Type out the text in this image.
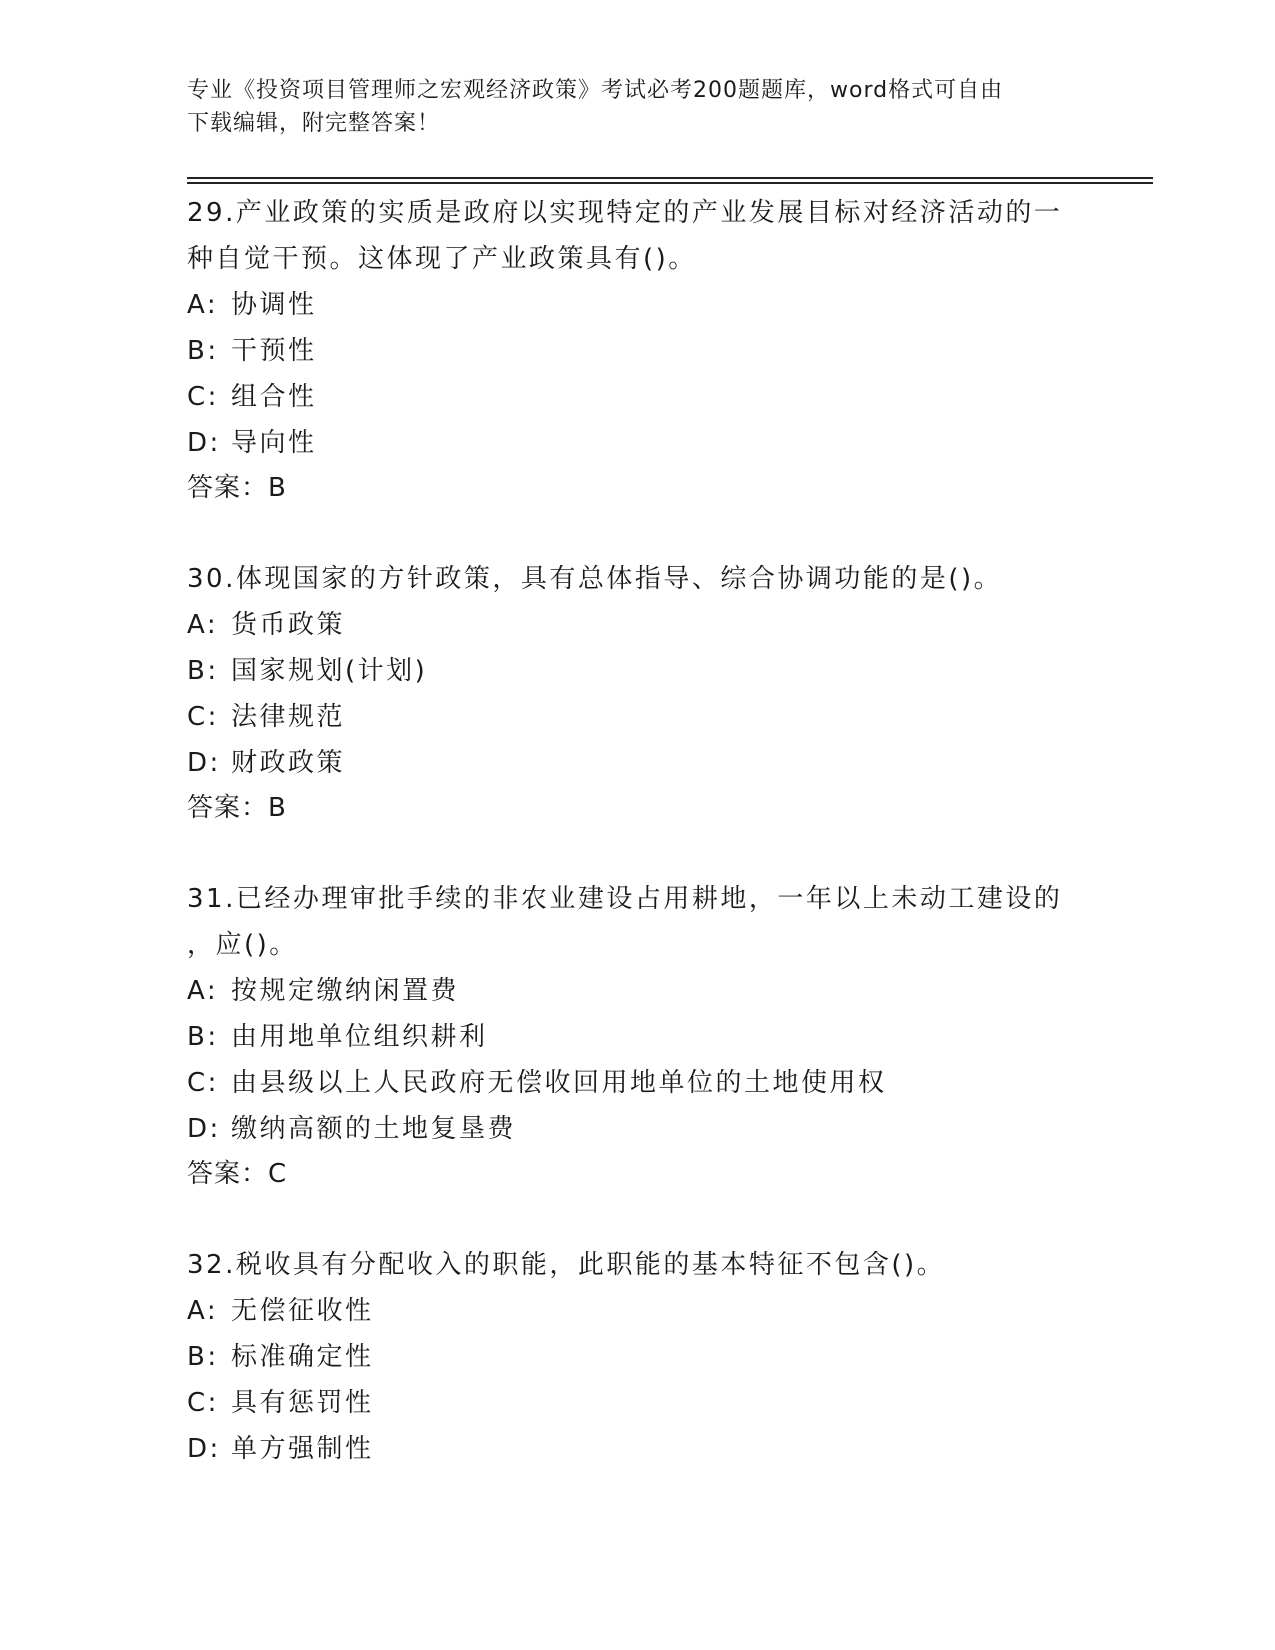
专业《投资项目管理师之宏观经济政策》考试必考200题题库，word格式可自由
下载编辑，附完整答案！

29.产业政策的实质是政府以实现特定的产业发展目标对经济活动的一

种自觉干预。这体现了产业政策具有()。

A: 协调性

B: 干预性

C: 组合性

D: 导向性

答案：B

30.体现国家的方针政策，具有总体指导、综合协调功能的是()。

A: 货币政策

B: 国家规划(计划)

C: 法律规范

D: 财政政策

答案：B

31.已经办理审批手续的非农业建设占用耕地，一年以上未动工建设的

，应()。

A: 按规定缴纳闲置费

B: 由用地单位组织耕利

C: 由县级以上人民政府无偿收回用地单位的土地使用权

D: 缴纳高额的土地复垦费

答案：C

32.税收具有分配收入的职能，此职能的基本特征不包含()。

A: 无偿征收性

B: 标准确定性

C: 具有惩罚性

D: 单方强制性
